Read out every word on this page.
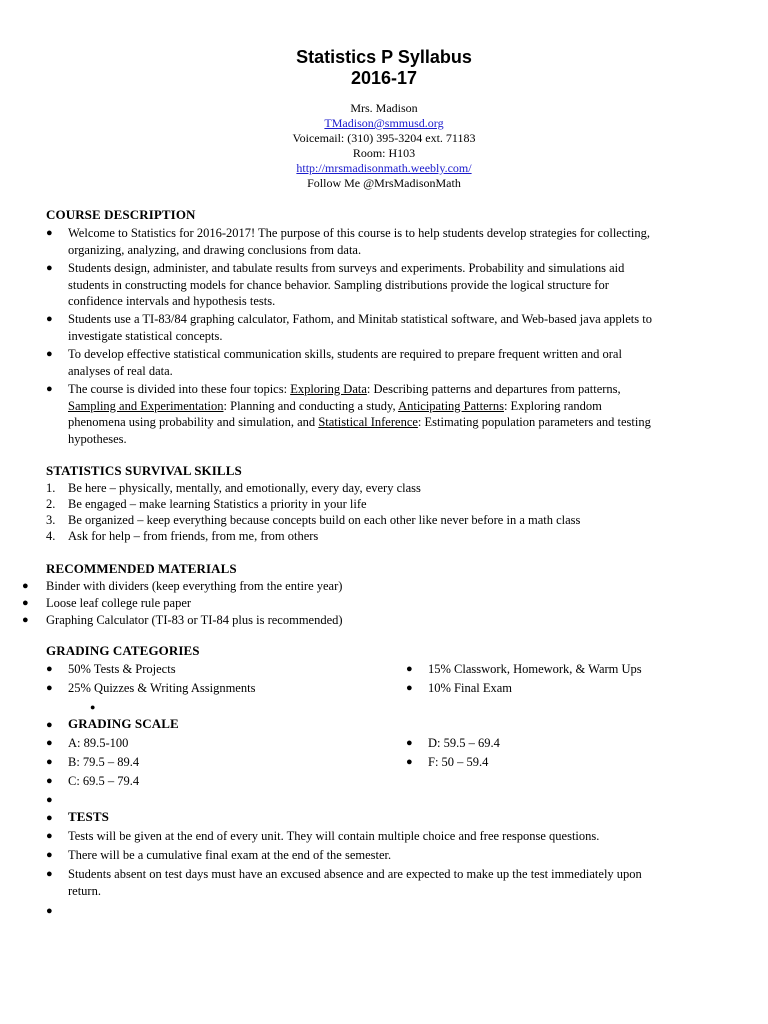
Statistics P Syllabus
2016-17
Mrs. Madison
TMadison@smmusd.org
Voicemail: (310) 395-3204 ext. 71183
Room: H103
http://mrsmadisonmath.weebly.com/
Follow Me @MrsMadisonMath
COURSE DESCRIPTION
● Welcome to Statistics for 2016-2017! The purpose of this course is to help students develop strategies for collecting,
organizing, analyzing, and drawing conclusions from data.
● Students design, administer, and tabulate results from surveys and experiments. Probability and simulations aid
students in constructing models for chance behavior. Sampling distributions provide the logical structure for
confidence intervals and hypothesis tests.
● Students use a TI-83/84 graphing calculator, Fathom, and Minitab statistical software, and Web-based java applets to
investigate statistical concepts.
● To develop effective statistical communication skills, students are required to prepare frequent written and oral
analyses of real data.
● The course is divided into these four topics: Exploring Data: Describing patterns and departures from patterns,
Sampling and Experimentation: Planning and conducting a study, Anticipating Patterns: Exploring random
phenomena using probability and simulation, and Statistical Inference: Estimating population parameters and testing
hypotheses.
STATISTICS SURVIVAL SKILLS
1. Be here – physically, mentally, and emotionally, every day, every class
2. Be engaged – make learning Statistics a priority in your life
3. Be organized – keep everything because concepts build on each other like never before in a math class
4. Ask for help – from friends, from me, from others
RECOMMENDED MATERIALS
● Binder with dividers (keep everything from the entire year)
● Loose leaf college rule paper
● Graphing Calculator (TI-83 or TI-84 plus is recommended)
GRADING CATEGORIES
● 50% Tests & Projects
● 25% Quizzes & Writing Assignments
● 15% Classwork, Homework, & Warm Ups
● 10% Final Exam
●
● GRADING SCALE
● A: 89.5-100
● B: 79.5 – 89.4
● C: 69.5 – 79.4
● D: 59.5 – 69.4
● F: 50 – 59.4
●
● TESTS
● Tests will be given at the end of every unit. They will contain multiple choice and free response questions.
● There will be a cumulative final exam at the end of the semester.
● Students absent on test days must have an excused absence and are expected to make up the test immediately upon
return.
●
